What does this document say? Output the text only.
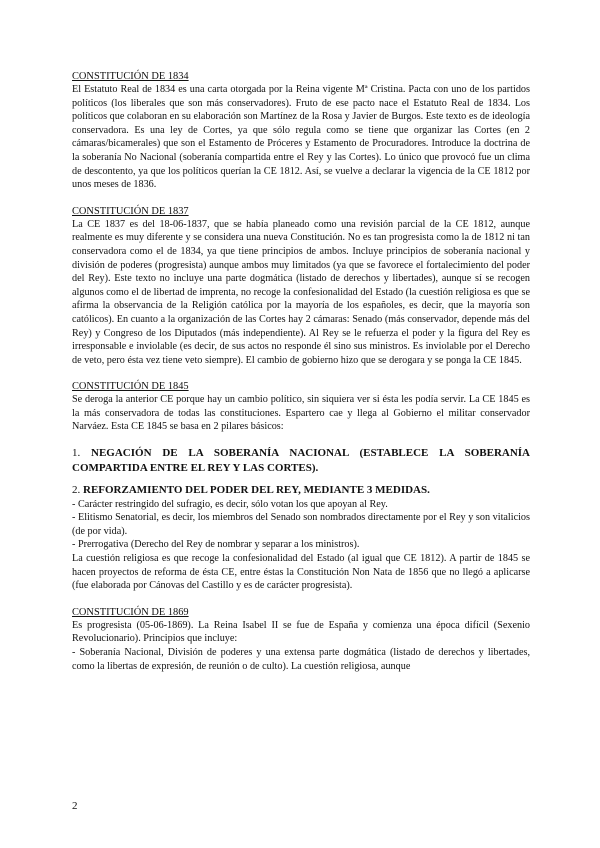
CONSTITUCIÓN DE 1834

El Estatuto Real de 1834 es una carta otorgada por la Reina vigente Mª Cristina. Pacta con uno de los partidos políticos (los liberales que son más conservadores). Fruto de ese pacto nace el Estatuto Real de 1834. Los políticos que colaboran en su elaboración son Martínez de la Rosa y Javier de Burgos. Este texto es de ideología conservadora. Es una ley de Cortes, ya que sólo regula como se tiene que organizar las Cortes (en 2 cámaras/bicamerales) que son el Estamento de Próceres y Estamento de Procuradores. Introduce la doctrina de la soberanía No Nacional (soberanía compartida entre el Rey y las Cortes). Lo único que provocó fue un clima de descontento, ya que los políticos querían la CE 1812. Así, se vuelve a declarar la vigencia de la CE 1812 por unos meses de 1836.

CONSTITUCIÓN DE 1837

La CE 1837 es del 18-06-1837, que se había planeado como una revisión parcial de la CE 1812, aunque realmente es muy diferente y se considera una nueva Constitución. No es tan progresista como la de 1812 ni tan conservadora como el de 1834, ya que tiene principios de ambos. Incluye principios de soberanía nacional y división de poderes (progresista) aunque ambos muy limitados (ya que se favorece el fortalecimiento del poder del Rey). Este texto no incluye una parte dogmática (listado de derechos y libertades), aunque sí se recogen algunos como el de libertad de imprenta, no recoge la confesionalidad del Estado (la cuestión religiosa es que se afirma la observancia de la Religión católica por la mayoría de los españoles, es decir, que la mayoría son católicos). En cuanto a la organización de las Cortes hay 2 cámaras: Senado (más conservador, depende más del Rey) y Congreso de los Diputados (más independiente). Al Rey se le refuerza el poder y la figura del Rey es irresponsable e inviolable (es decir, de sus actos no responde él sino sus ministros. Es inviolable por el Derecho de veto, pero ésta vez tiene veto siempre). El cambio de gobierno hizo que se derogara y se ponga la CE 1845.

CONSTITUCIÓN DE 1845

Se deroga la anterior CE porque hay un cambio político, sin siquiera ver si ésta les podía servir. La CE 1845 es la más conservadora de todas las constituciones. Espartero cae y llega al Gobierno el militar conservador Narváez. Esta CE 1845 se basa en 2 pilares básicos:

1. NEGACIÓN DE LA SOBERANÍA NACIONAL (ESTABLECE LA SOBERANÍA COMPARTIDA ENTRE EL REY Y LAS CORTES).

2. REFORZAMIENTO DEL PODER DEL REY, MEDIANTE 3 MEDIDAS.

- Carácter restringido del sufragio, es decir, sólo votan los que apoyan al Rey.

- Elitismo Senatorial, es decir, los miembros del Senado son nombrados directamente por el Rey y son vitalicios (de por vida).

- Prerrogativa (Derecho del Rey de nombrar y separar a los ministros).

La cuestión religiosa es que recoge la confesionalidad del Estado (al igual que CE 1812). A partir de 1845 se hacen proyectos de reforma de ésta CE, entre éstas la Constitución Non Nata de 1856 que no llegó a aplicarse (fue elaborada por Cánovas del Castillo y es de carácter progresista).

CONSTITUCIÓN DE 1869

Es progresista (05-06-1869). La Reina Isabel II se fue de España y comienza una época difícil (Sexenio Revolucionario). Principios que incluye:

- Soberanía Nacional, División de poderes y una extensa parte dogmática (listado de derechos y libertades, como la libertas de expresión, de reunión o de culto). La cuestión religiosa, aunque

2
